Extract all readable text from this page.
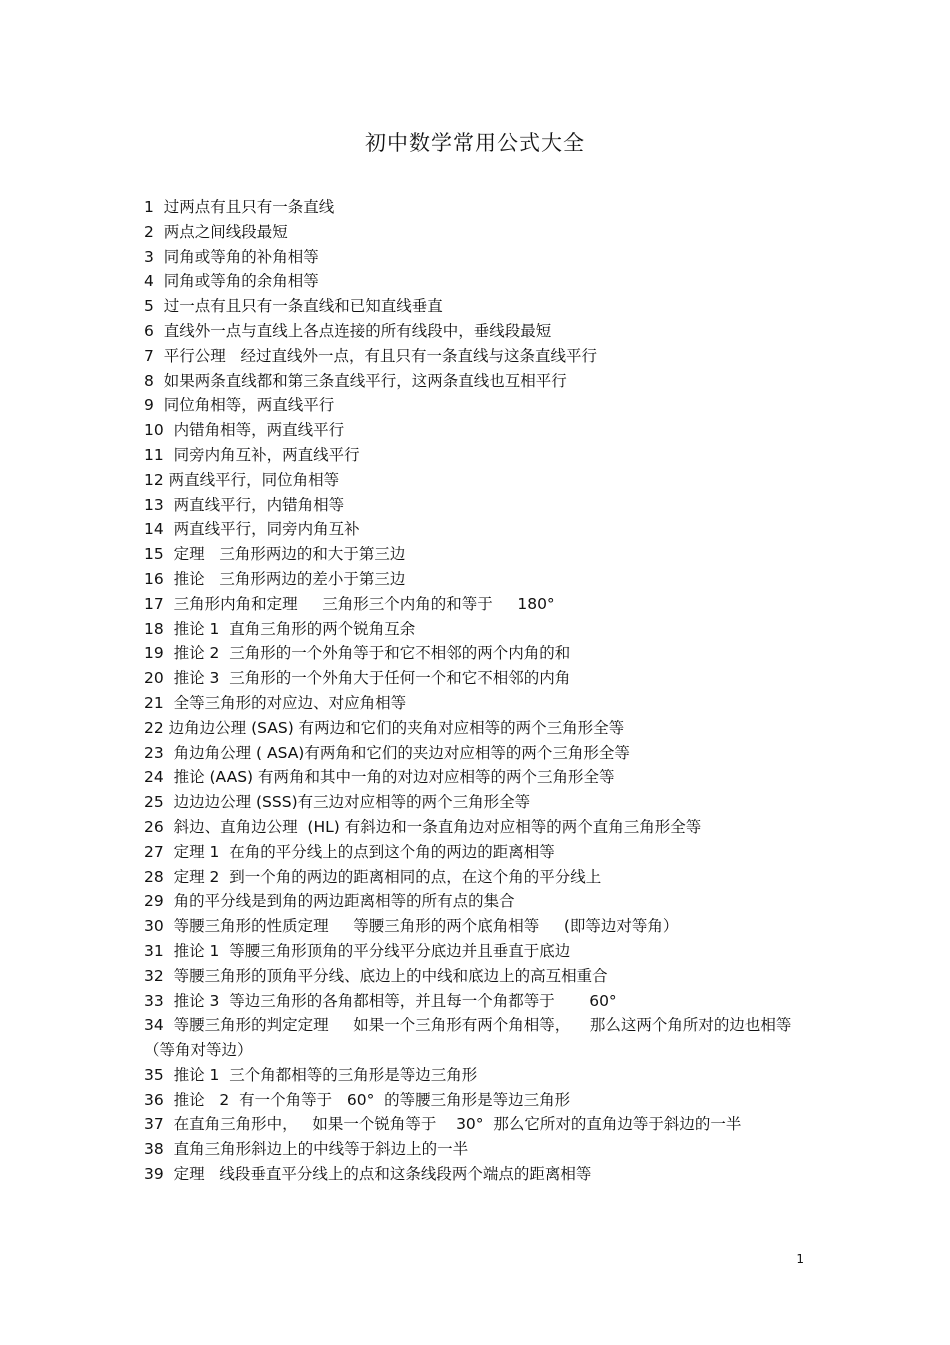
初中数学常用公式大全
1  过两点有且只有一条直线
2  两点之间线段最短
3  同角或等角的补角相等
4  同角或等角的余角相等
5  过一点有且只有一条直线和已知直线垂直
6  直线外一点与直线上各点连接的所有线段中，垂线段最短
7  平行公理   经过直线外一点，有且只有一条直线与这条直线平行
8  如果两条直线都和第三条直线平行，这两条直线也互相平行
9  同位角相等，两直线平行
10  内错角相等，两直线平行
11  同旁内角互补，两直线平行
12 两直线平行，同位角相等
13  两直线平行，内错角相等
14  两直线平行，同旁内角互补
15  定理   三角形两边的和大于第三边
16  推论   三角形两边的差小于第三边
17  三角形内角和定理     三角形三个内角的和等于     180°
18  推论 1  直角三角形的两个锐角互余
19  推论 2  三角形的一个外角等于和它不相邻的两个内角的和
20  推论 3  三角形的一个外角大于任何一个和它不相邻的内角
21  全等三角形的对应边、对应角相等
22 边角边公理 (SAS) 有两边和它们的夹角对应相等的两个三角形全等
23  角边角公理 ( ASA)有两角和它们的夹边对应相等的两个三角形全等
24  推论 (AAS) 有两角和其中一角的对边对应相等的两个三角形全等
25  边边边公理 (SSS)有三边对应相等的两个三角形全等
26  斜边、直角边公理  (HL) 有斜边和一条直角边对应相等的两个直角三角形全等
27  定理 1  在角的平分线上的点到这个角的两边的距离相等
28  定理 2  到一个角的两边的距离相同的点，在这个角的平分线上
29  角的平分线是到角的两边距离相等的所有点的集合
30  等腰三角形的性质定理     等腰三角形的两个底角相等     (即等边对等角）
31  推论 1  等腰三角形顶角的平分线平分底边并且垂直于底边
32  等腰三角形的顶角平分线、底边上的中线和底边上的高互相重合
33  推论 3  等边三角形的各角都相等，并且每一个角都等于       60°
34  等腰三角形的判定定理     如果一个三角形有两个角相等，    那么这两个角所对的边也相等（等角对等边）
35  推论 1  三个角都相等的三角形是等边三角形
36  推论   2  有一个角等于   60°  的等腰三角形是等边三角形
37  在直角三角形中，   如果一个锐角等于    30°  那么它所对的直角边等于斜边的一半
38  直角三角形斜边上的中线等于斜边上的一半
39  定理   线段垂直平分线上的点和这条线段两个端点的距离相等
1
